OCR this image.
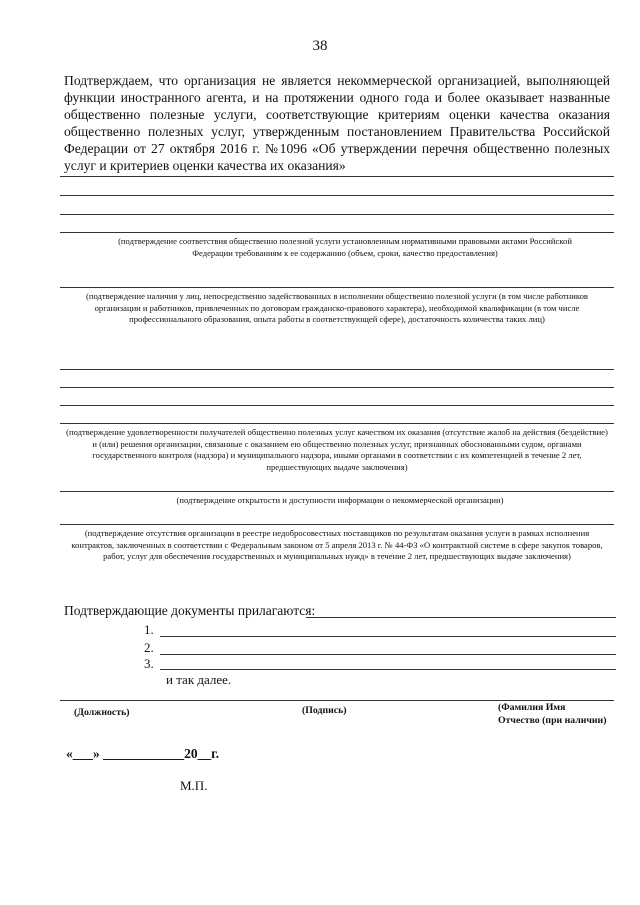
38
Подтверждаем, что организация не является некоммерческой организацией, выполняющей функции иностранного агента, и на протяжении одного года и более оказывает названные общественно полезные услуги, соответствующие критериям оценки качества оказания общественно полезных услуг, утвержденным постановлением Правительства Российской Федерации от 27 октября 2016 г. №1096 «Об утверждении перечня общественно полезных услуг и критериев оценки качества их оказания»
(подтверждение соответствия общественно полезной услуги установленным нормативными правовыми актами Российской Федерации требованиям к ее содержанию (объем, сроки, качество предоставления)
(подтверждение наличия у лиц, непосредственно задействованных в исполнении общественно полезной услуги (в том числе работников организации и работников, привлеченных по договорам гражданско-правового характера), необходимой квалификации (в том числе профессионального образования, опыта работы в соответствующей сфере), достаточность количества таких лиц)
(подтверждение удовлетворенности получателей общественно полезных услуг качеством их оказания (отсутствие жалоб на действия (бездействие) и (или) решения организации, связанные с оказанием ею общественно полезных услуг, признанных обоснованными судом, органами государственного контроля (надзора) и муниципального надзора, иными органами в соответствии с их компетенцией в течение 2 лет, предшествующих выдаче заключения)
(подтверждение открытости и доступности информации о некоммерческой организации)
(подтверждение отсутствия организации в реестре недобросовестных поставщиков по результатам оказания услуги в рамках исполнения контрактов, заключенных в соответствии с Федеральным законом от 5 апреля 2013 г. № 44-ФЗ «О контрактной системе в сфере закупок товаров, работ, услуг для обеспечения государственных и муниципальных нужд» в течение 2 лет, предшествующих выдаче заключения)
Подтверждающие документы прилагаются:
1.
2.
3.
и так далее.
(Должность)	(Подпись)	(Фамилия Имя
Отчество (при наличии)
«___» ____________20__г.
М.П.
